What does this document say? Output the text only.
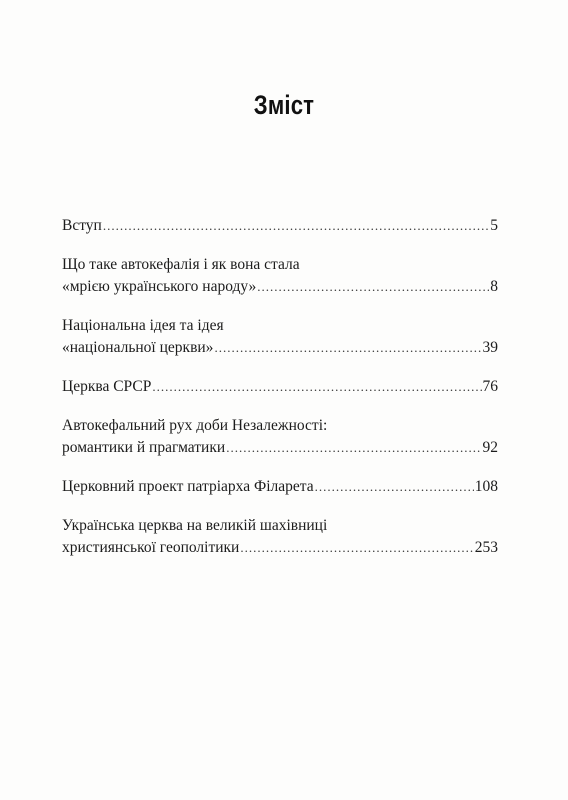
Зміст
Вступ .....	5
Що таке автокефалія і як вона стала
«мрією українського народу» .....	8
Національна ідея та ідея
«національної церкви» .....	39
Церква СРСР .....	76
Автокефальний рух доби Незалежності:
романтики й прагматики .....	92
Церковний проект патріарха Філарета .....	108
Українська церква на великій шахівниці
християнської геополітики .....	253
